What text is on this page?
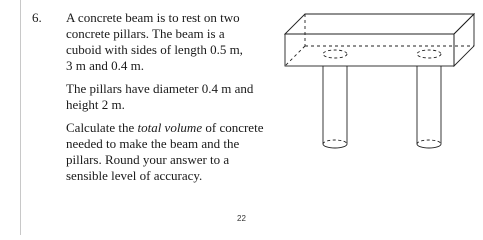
6. A concrete beam is to rest on two
concrete pillars. The beam is a
cuboid with sides of length 0.5 m,
3 m and 0.4 m.
The pillars have diameter 0.4 m and
height 2 m.
Calculate the total volume of concrete
needed to make the beam and the
pillars. Round your answer to a
sensible level of accuracy.
22
